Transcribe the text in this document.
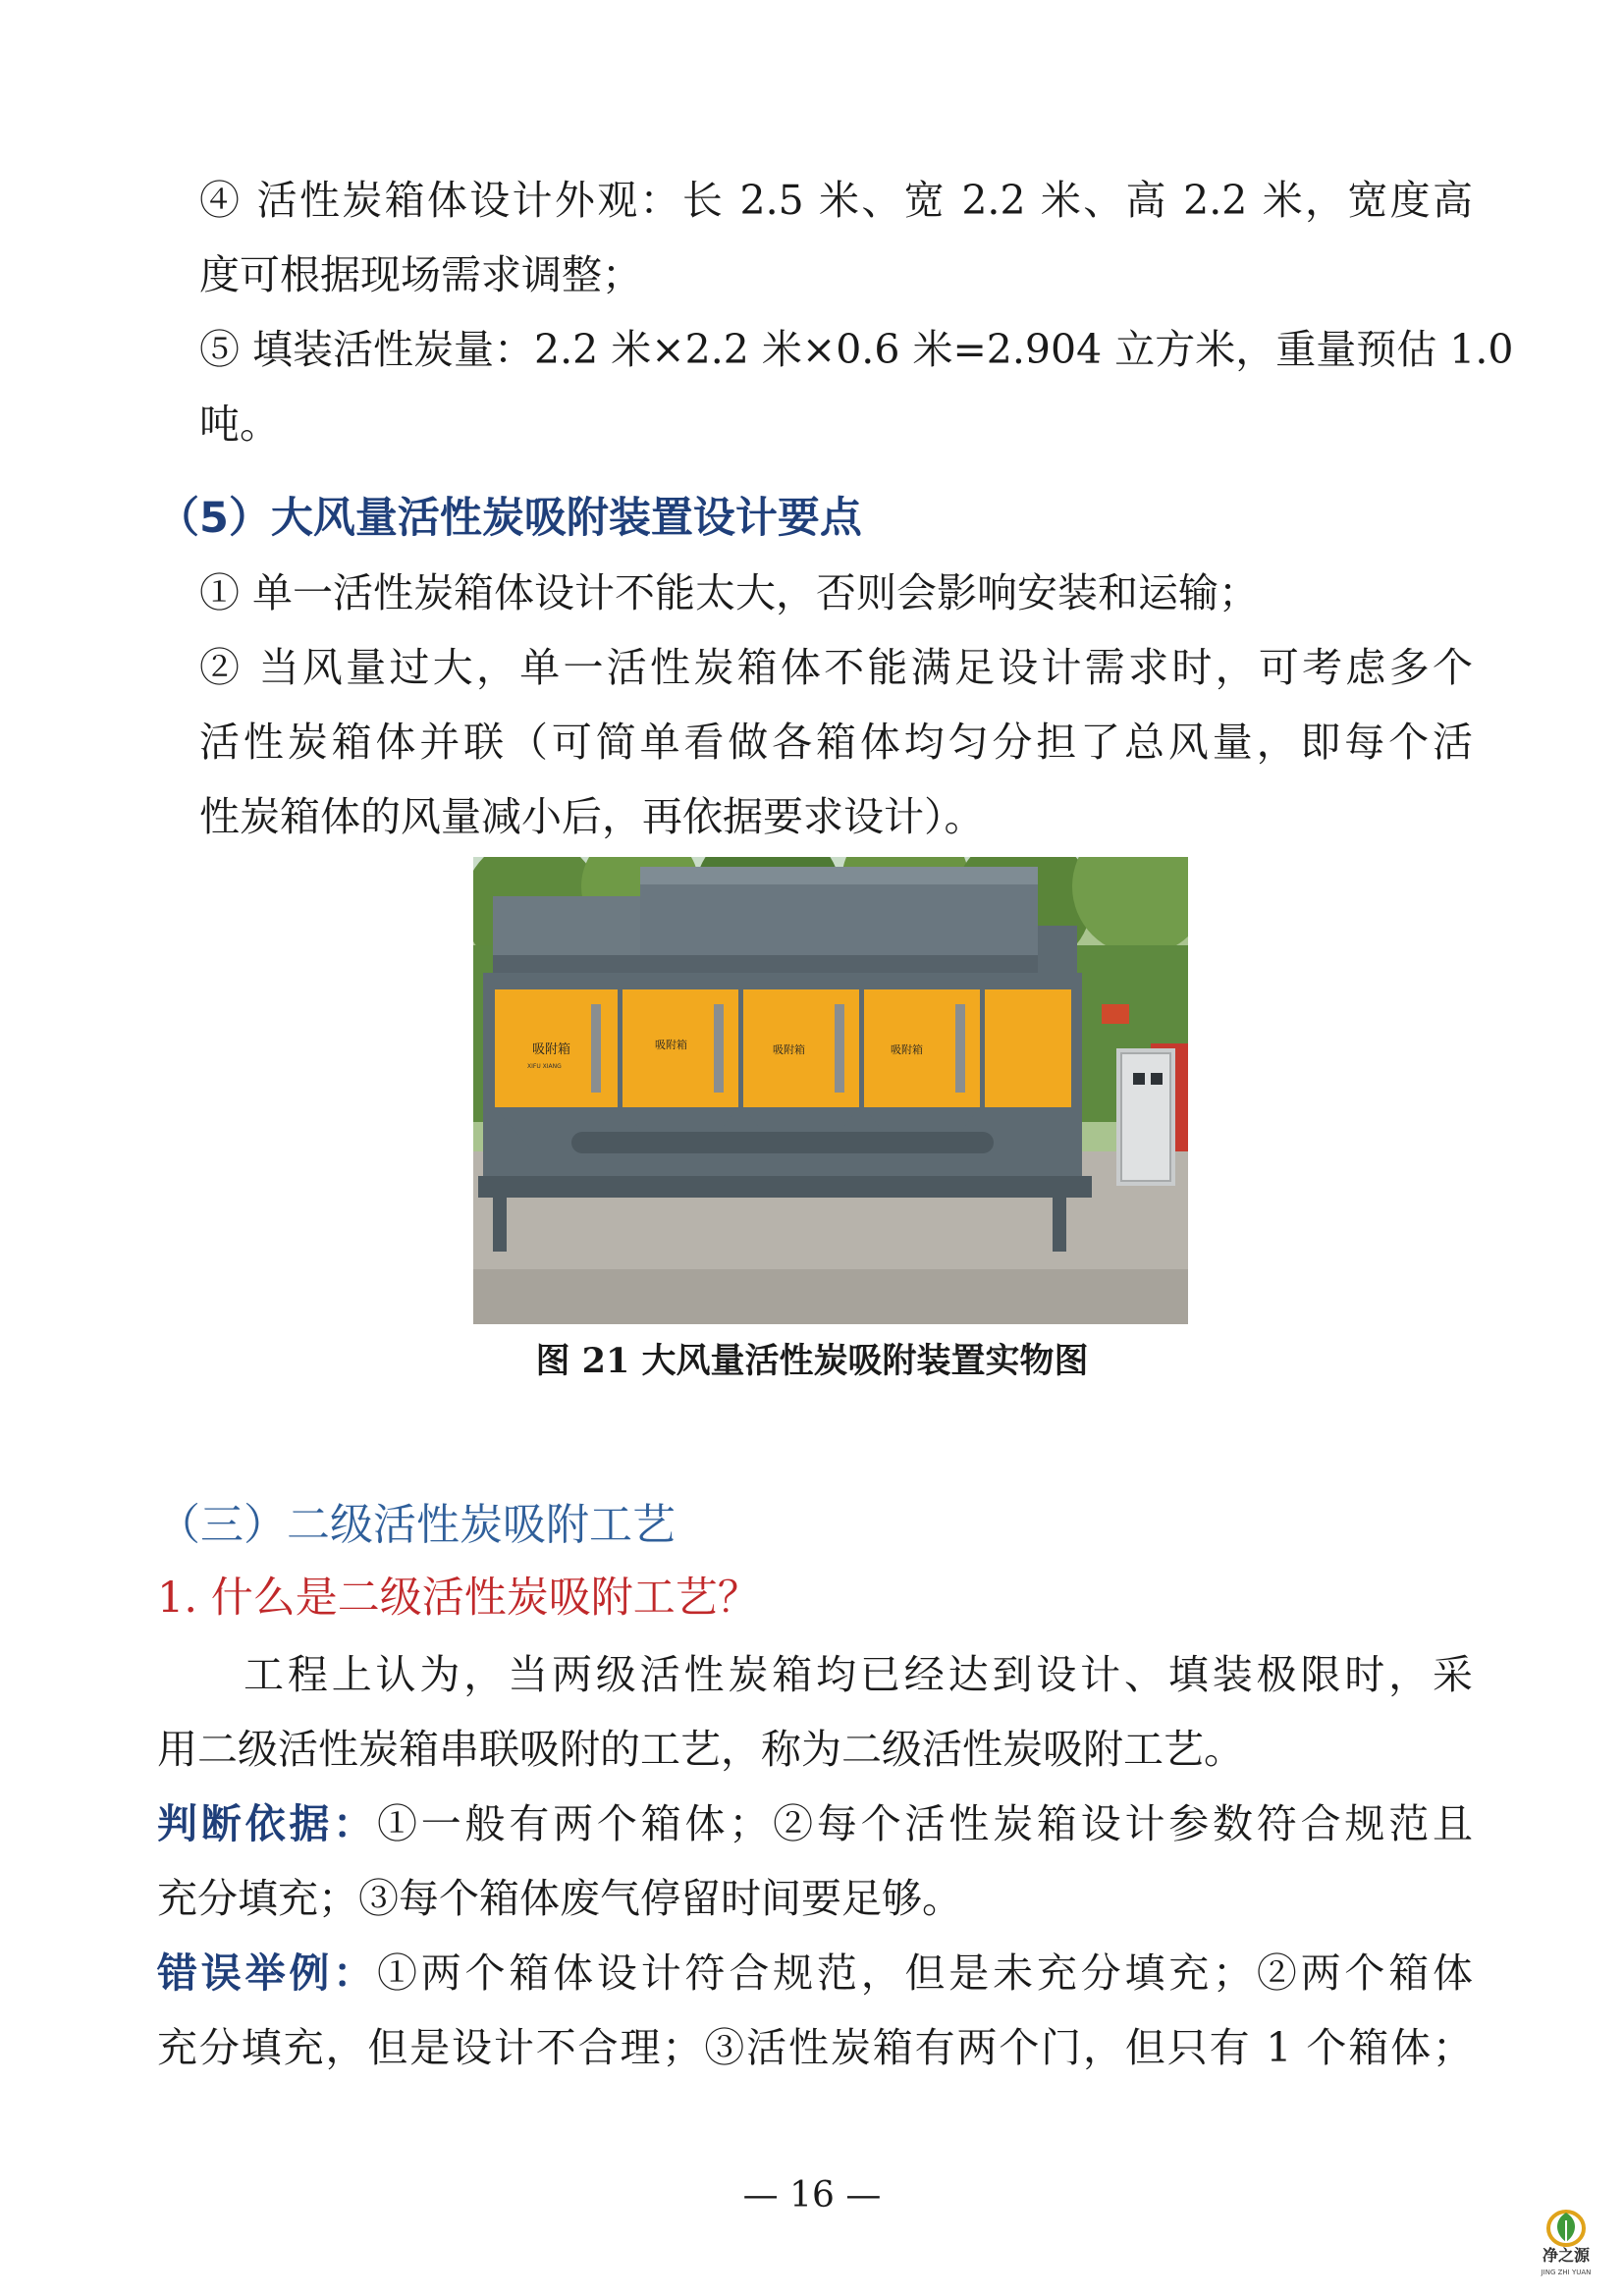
④ 活性炭箱体设计外观：长 2.5 米、宽 2.2 米、高 2.2 米，宽度高
度可根据现场需求调整；
⑤ 填装活性炭量：2.2 米×2.2 米×0.6 米=2.904 立方米，重量预估 1.0
吨。
（5）大风量活性炭吸附装置设计要点
① 单一活性炭箱体设计不能太大，否则会影响安装和运输；
② 当风量过大，单一活性炭箱体不能满足设计需求时，可考虑多个
活性炭箱体并联（可简单看做各箱体均匀分担了总风量，即每个活
性炭箱体的风量减小后，再依据要求设计）。
吸附箱
XIFU XIANG
吸附箱	吸附箱	吸附箱
图 21 大风量活性炭吸附装置实物图
（三）二级活性炭吸附工艺
1. 什么是二级活性炭吸附工艺？
工程上认为，当两级活性炭箱均已经达到设计、填装极限时，采
用二级活性炭箱串联吸附的工艺，称为二级活性炭吸附工艺。
判断依据：①一般有两个箱体；②每个活性炭箱设计参数符合规范且
充分填充；③每个箱体废气停留时间要足够。
错误举例：①两个箱体设计符合规范，但是未充分填充；②两个箱体
充分填充，但是设计不合理；③活性炭箱有两个门，但只有 1 个箱体；
— 16 —
净之源
JING ZHI YUAN
